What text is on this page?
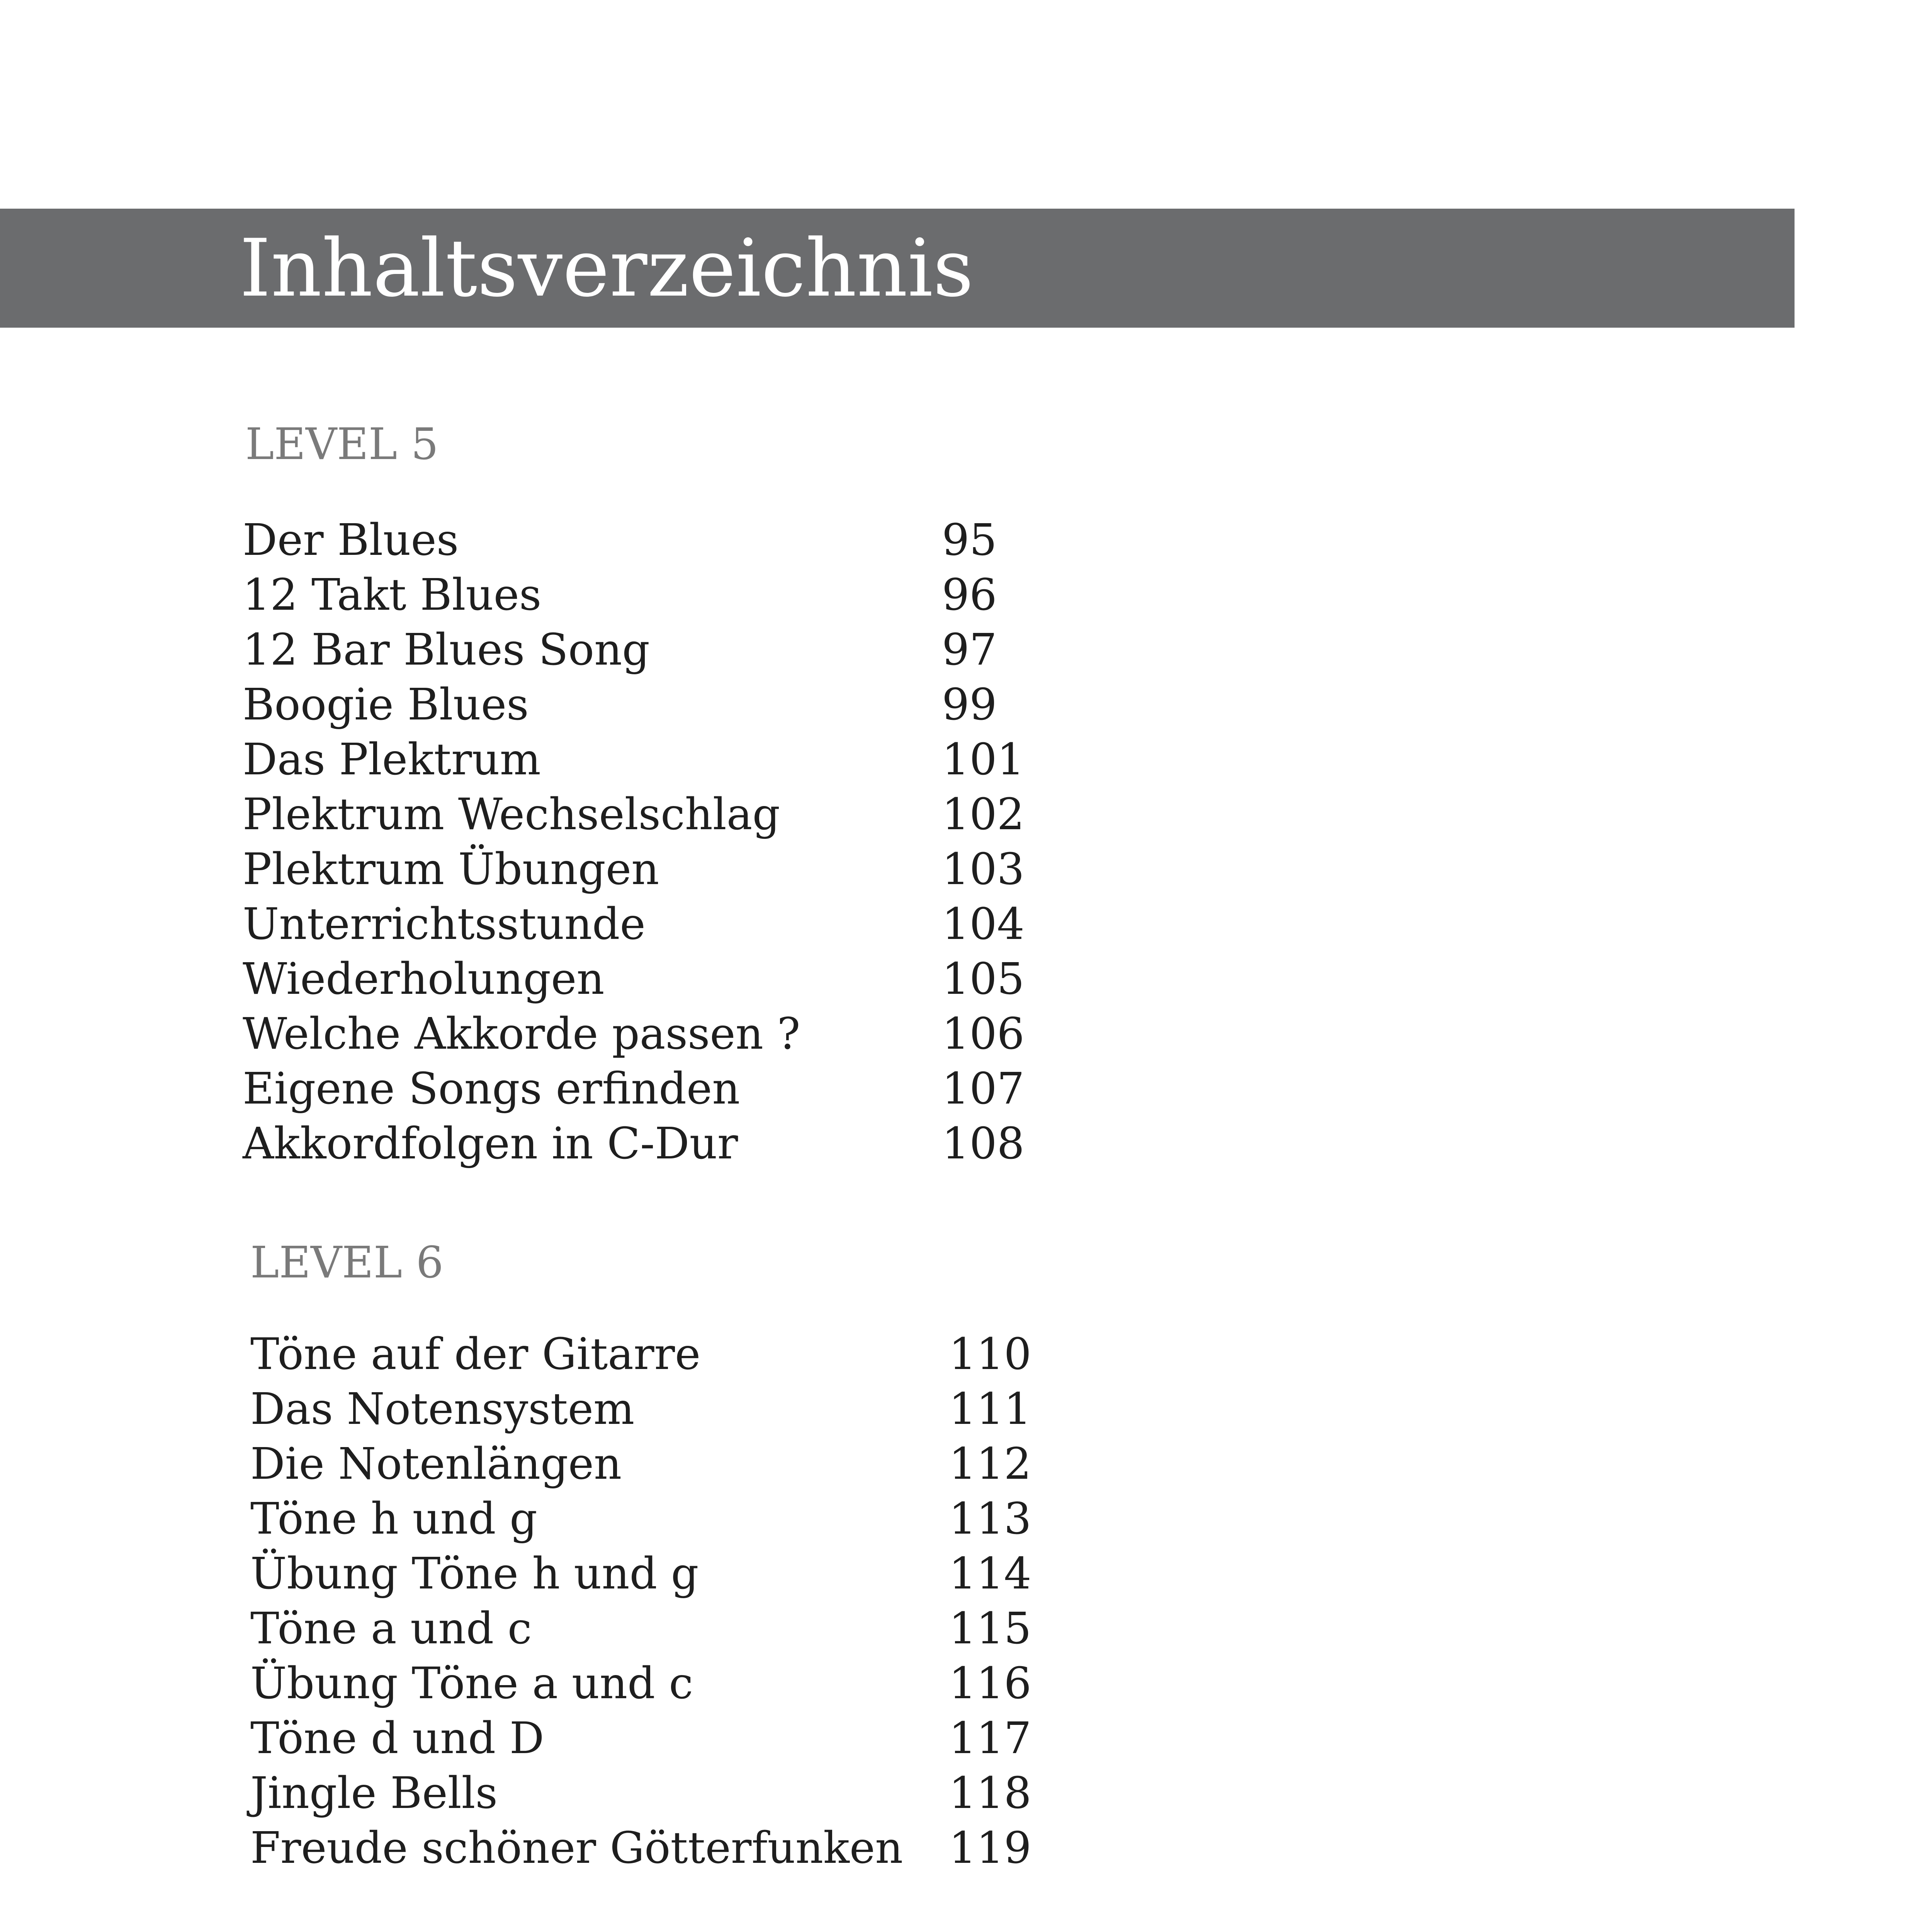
Inhaltsverzeichnis
LEVEL 5
Der Blues	95
12 Takt Blues	96
12 Bar Blues Song	97
Boogie Blues	99
Das Plektrum	101
Plektrum Wechselschlag	102
Plektrum Übungen	103
Unterrichtsstunde	104
Wiederholungen	105
Welche Akkorde passen ?	106
Eigene Songs erfinden	107
Akkordfolgen in C-Dur	108
LEVEL 6
Töne auf der Gitarre	110
Das Notensystem	111
Die Notenlängen	112
Töne h und g	113
Übung Töne h und g	114
Töne a und c	115
Übung Töne a und c	116
Töne d und D	117
Jingle Bells	118
Freude schöner Götterfunken 119
